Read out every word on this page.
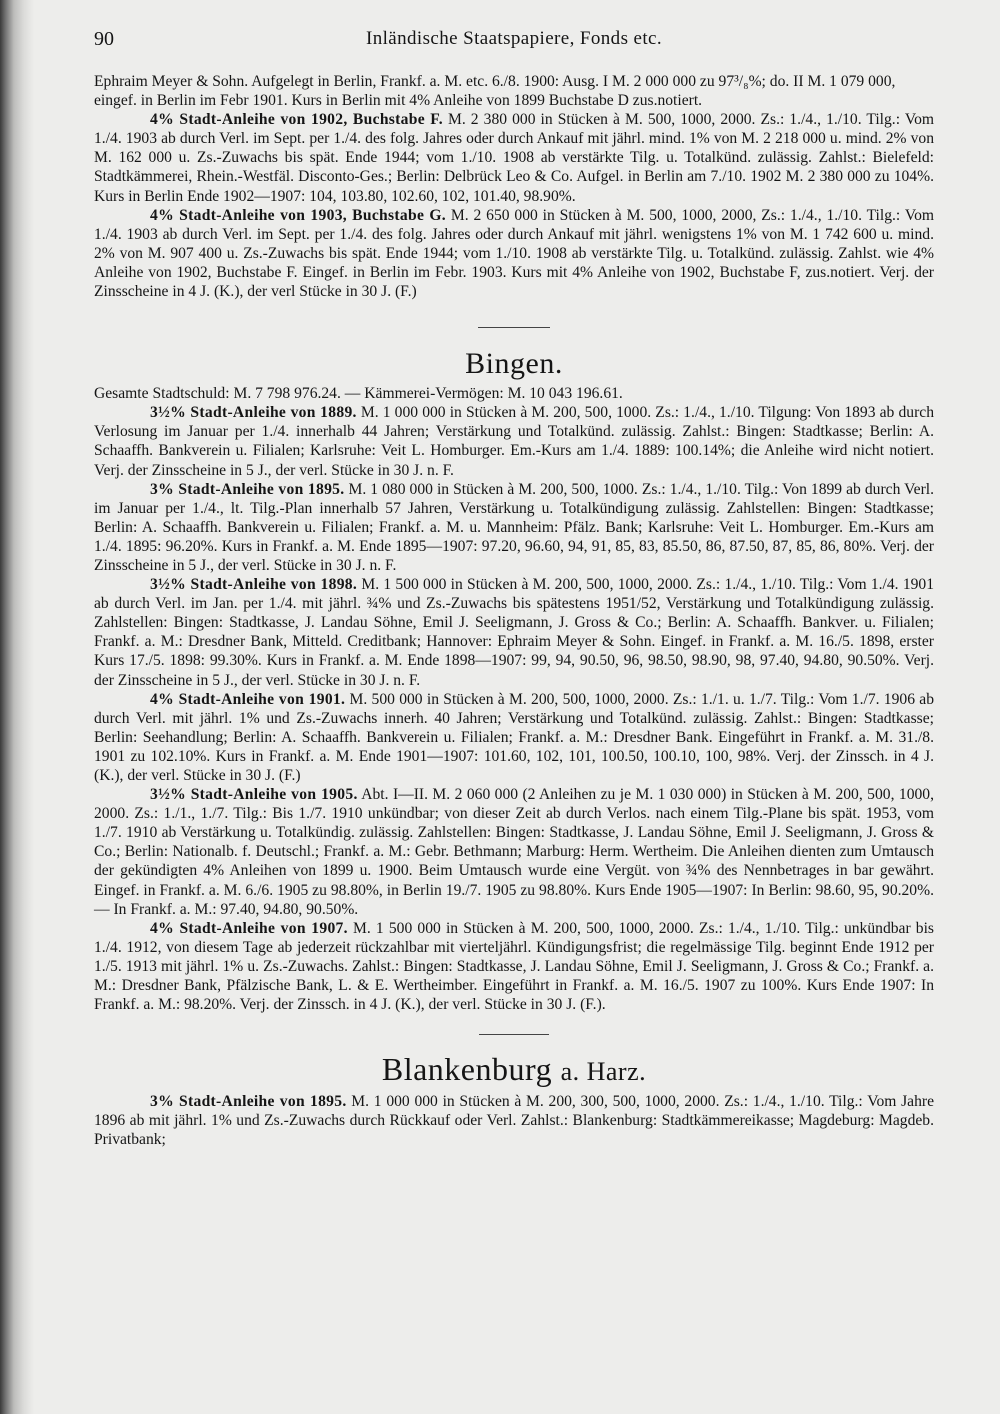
90	Inländische Staatspapiere, Fonds etc.

Ephraim Meyer & Sohn. Aufgelegt in Berlin, Frankf. a. M. etc. 6./8. 1900: Ausg. I M. 2 000 000 zu 97³/₈%; do. II M. 1 079 000, eingef. in Berlin im Febr 1901. Kurs in Berlin mit 4% Anleihe von 1899 Buchstabe D zus.notiert.

4% Stadt-Anleihe von 1902, Buchstabe F. M. 2 380 000 in Stücken à M. 500, 1000, 2000. Zs.: 1./4., 1./10. Tilg.: Vom 1./4. 1903 ab durch Verl. im Sept. per 1./4. des folg. Jahres oder durch Ankauf mit jährl. mind. 1% von M. 2 218 000 u. mind. 2% von M. 162 000 u. Zs.-Zuwachs bis spät. Ende 1944; vom 1./10. 1908 ab verstärkte Tilg. u. Totalkünd. zulässig. Zahlst.: Bielefeld: Stadtkämmerei, Rhein.-Westfäl. Disconto-Ges.; Berlin: Delbrück Leo & Co. Aufgel. in Berlin am 7./10. 1902 M. 2 380 000 zu 104%. Kurs in Berlin Ende 1902—1907: 104, 103.80, 102.60, 102, 101.40, 98.90%.

4% Stadt-Anleihe von 1903, Buchstabe G. M. 2 650 000 in Stücken à M. 500, 1000, 2000, Zs.: 1./4., 1./10. Tilg.: Vom 1./4. 1903 ab durch Verl. im Sept. per 1./4. des folg. Jahres oder durch Ankauf mit jährl. wenigstens 1% von M. 1 742 600 u. mind. 2% von M. 907 400 u. Zs.-Zuwachs bis spät. Ende 1944; vom 1./10. 1908 ab verstärkte Tilg. u. Totalkünd. zulässig. Zahlst. wie 4% Anleihe von 1902, Buchstabe F. Eingef. in Berlin im Febr. 1903. Kurs mit 4% Anleihe von 1902, Buchstabe F, zus.notiert. Verj. der Zinsscheine in 4 J. (K.), der verl Stücke in 30 J. (F.)

Bingen.

Gesamte Stadtschuld: M. 7 798 976.24. — Kämmerei-Vermögen: M. 10 043 196.61.

3½% Stadt-Anleihe von 1889. M. 1 000 000 in Stücken à M. 200, 500, 1000. Zs.: 1./4., 1./10. Tilgung: Von 1893 ab durch Verlosung im Januar per 1./4. innerhalb 44 Jahren; Verstärkung und Totalkünd. zulässig. Zahlst.: Bingen: Stadtkasse; Berlin: A. Schaaffh. Bankverein u. Filialen; Karlsruhe: Veit L. Homburger. Em.-Kurs am 1./4. 1889: 100.14%; die Anleihe wird nicht notiert. Verj. der Zinsscheine in 5 J., der verl. Stücke in 30 J. n. F.

3% Stadt-Anleihe von 1895. M. 1 080 000 in Stücken à M. 200, 500, 1000. Zs.: 1./4., 1./10. Tilg.: Von 1899 ab durch Verl. im Januar per 1./4., lt. Tilg.-Plan innerhalb 57 Jahren, Verstärkung u. Totalkündigung zulässig. Zahlstellen: Bingen: Stadtkasse; Berlin: A. Schaaffh. Bankverein u. Filialen; Frankf. a. M. u. Mannheim: Pfälz. Bank; Karlsruhe: Veit L. Homburger. Em.-Kurs am 1./4. 1895: 96.20%. Kurs in Frankf. a. M. Ende 1895—1907: 97.20, 96.60, 94, 91, 85, 83, 85.50, 86, 87.50, 87, 85, 86, 80%. Verj. der Zinsscheine in 5 J., der verl. Stücke in 30 J. n. F.

3½% Stadt-Anleihe von 1898. M. 1 500 000 in Stücken à M. 200, 500, 1000, 2000. Zs.: 1./4., 1./10. Tilg.: Vom 1./4. 1901 ab durch Verl. im Jan. per 1./4. mit jährl. ¾% und Zs.-Zuwachs bis spätestens 1951/52, Verstärkung und Totalkündigung zulässig. Zahlstellen: Bingen: Stadtkasse, J. Landau Söhne, Emil J. Seeligmann, J. Gross & Co.; Berlin: A. Schaaffh. Bankver. u. Filialen; Frankf. a. M.: Dresdner Bank, Mitteld. Creditbank; Hannover: Ephraim Meyer & Sohn. Eingef. in Frankf. a. M. 16./5. 1898, erster Kurs 17./5. 1898: 99.30%. Kurs in Frankf. a. M. Ende 1898—1907: 99, 94, 90.50, 96, 98.50, 98.90, 98, 97.40, 94.80, 90.50%. Verj. der Zinsscheine in 5 J., der verl. Stücke in 30 J. n. F.

4% Stadt-Anleihe von 1901. M. 500 000 in Stücken à M. 200, 500, 1000, 2000. Zs.: 1./1. u. 1./7. Tilg.: Vom 1./7. 1906 ab durch Verl. mit jährl. 1% und Zs.-Zuwachs innerh. 40 Jahren; Verstärkung und Totalkünd. zulässig. Zahlst.: Bingen: Stadtkasse; Berlin: Seehandlung; Berlin: A. Schaaffh. Bankverein u. Filialen; Frankf. a. M.: Dresdner Bank. Eingeführt in Frankf. a. M. 31./8. 1901 zu 102.10%. Kurs in Frankf. a. M. Ende 1901—1907: 101.60, 102, 101, 100.50, 100.10, 100, 98%. Verj. der Zinssch. in 4 J. (K.), der verl. Stücke in 30 J. (F.)

3½% Stadt-Anleihe von 1905. Abt. I—II. M. 2 060 000 (2 Anleihen zu je M. 1 030 000) in Stücken à M. 200, 500, 1000, 2000. Zs.: 1./1., 1./7. Tilg.: Bis 1./7. 1910 unkündbar; von dieser Zeit ab durch Verlos. nach einem Tilg.-Plane bis spät. 1953, vom 1./7. 1910 ab Verstärkung u. Totalkündig. zulässig. Zahlstellen: Bingen: Stadtkasse, J. Landau Söhne, Emil J. Seeligmann, J. Gross & Co.; Berlin: Nationalb. f. Deutschl.; Frankf. a. M.: Gebr. Bethmann; Marburg: Herm. Wertheim. Die Anleihen dienten zum Umtausch der gekündigten 4% Anleihen von 1899 u. 1900. Beim Umtausch wurde eine Vergüt. von ¾% des Nennbetrages in bar gewährt. Eingef. in Frankf. a. M. 6./6. 1905 zu 98.80%, in Berlin 19./7. 1905 zu 98.80%. Kurs Ende 1905—1907: In Berlin: 98.60, 95, 90.20%. — In Frankf. a. M.: 97.40, 94.80, 90.50%.

4% Stadt-Anleihe von 1907. M. 1 500 000 in Stücken à M. 200, 500, 1000, 2000. Zs.: 1./4., 1./10. Tilg.: unkündbar bis 1./4. 1912, von diesem Tage ab jederzeit rückzahlbar mit vierteljährl. Kündigungsfrist; die regelmässige Tilg. beginnt Ende 1912 per 1./5. 1913 mit jährl. 1% u. Zs.-Zuwachs. Zahlst.: Bingen: Stadtkasse, J. Landau Söhne, Emil J. Seeligmann, J. Gross & Co.; Frankf. a. M.: Dresdner Bank, Pfälzische Bank, L. & E. Wertheimber. Eingeführt in Frankf. a. M. 16./5. 1907 zu 100%. Kurs Ende 1907: In Frankf. a. M.: 98.20%. Verj. der Zinssch. in 4 J. (K.), der verl. Stücke in 30 J. (F.).

Blankenburg a. Harz.

3% Stadt-Anleihe von 1895. M. 1 000 000 in Stücken à M. 200, 300, 500, 1000, 2000. Zs.: 1./4., 1./10. Tilg.: Vom Jahre 1896 ab mit jährl. 1% und Zs.-Zuwachs durch Rückkauf oder Verl. Zahlst.: Blankenburg: Stadtkämmereikasse; Magdeburg: Magdeb. Privatbank;
